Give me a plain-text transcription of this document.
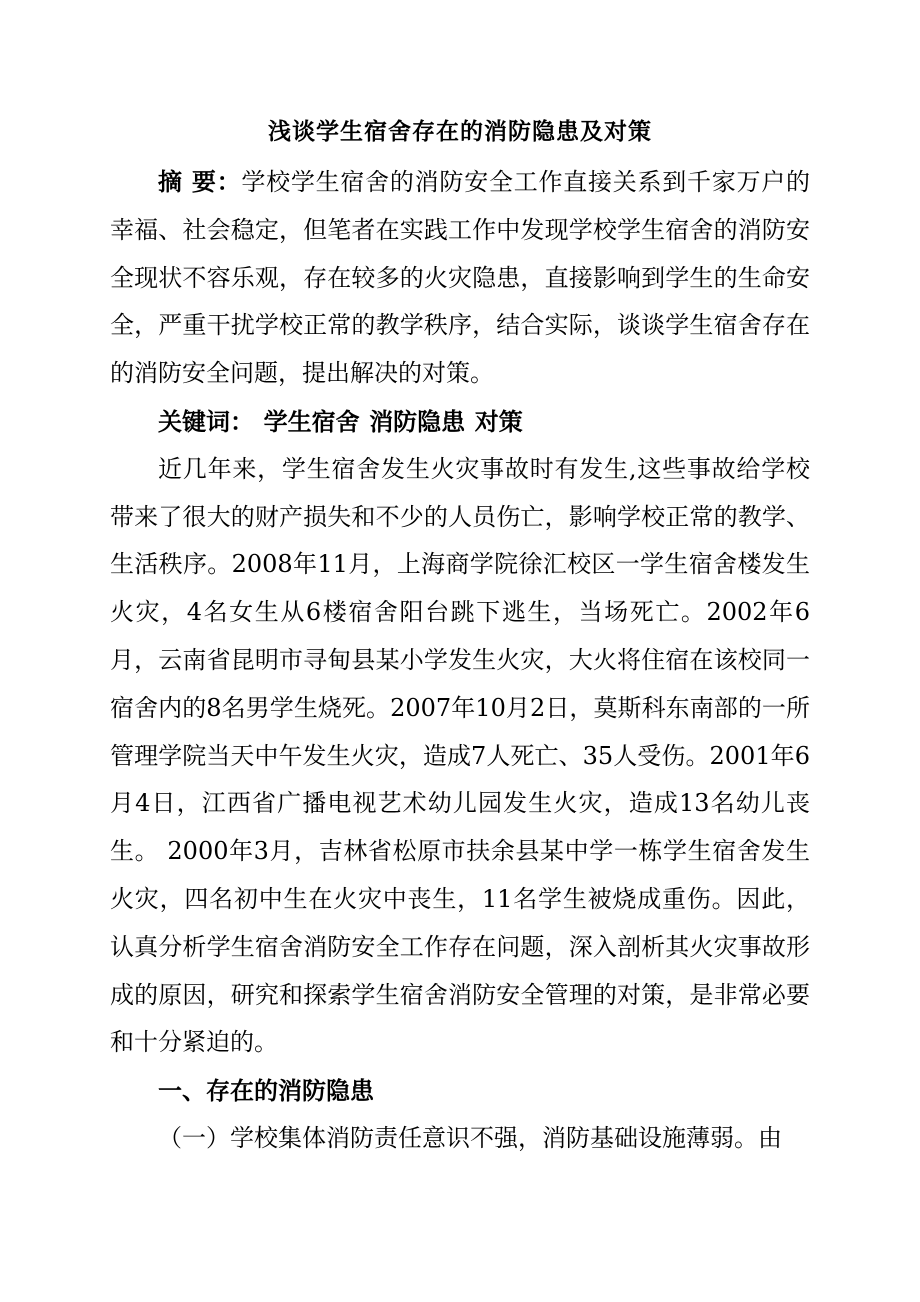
浅谈学生宿舍存在的消防隐患及对策

摘 要：学校学生宿舍的消防安全工作直接关系到千家万户的幸福、社会稳定，但笔者在实践工作中发现学校学生宿舍的消防安全现状不容乐观，存在较多的火灾隐患，直接影响到学生的生命安全，严重干扰学校正常的教学秩序，结合实际，谈谈学生宿舍存在的消防安全问题，提出解决的对策。

关键词： 学生宿舍 消防隐患 对策

近几年来，学生宿舍发生火灾事故时有发生,这些事故给学校带来了很大的财产损失和不少的人员伤亡，影响学校正常的教学、生活秩序。2008年11月，上海商学院徐汇校区一学生宿舍楼发生火灾，4名女生从6楼宿舍阳台跳下逃生，当场死亡。2002年6月，云南省昆明市寻甸县某小学发生火灾，大火将住宿在该校同一宿舍内的8名男学生烧死。2007年10月2日，莫斯科东南部的一所管理学院当天中午发生火灾，造成7人死亡、35人受伤。2001年6月4日，江西省广播电视艺术幼儿园发生火灾，造成13名幼儿丧生。 2000年3月，吉林省松原市扶余县某中学一栋学生宿舍发生火灾，四名初中生在火灾中丧生，11名学生被烧成重伤。因此，认真分析学生宿舍消防安全工作存在问题，深入剖析其火灾事故形成的原因，研究和探索学生宿舍消防安全管理的对策，是非常必要和十分紧迫的。

一、存在的消防隐患

（一）学校集体消防责任意识不强，消防基础设施薄弱。由
